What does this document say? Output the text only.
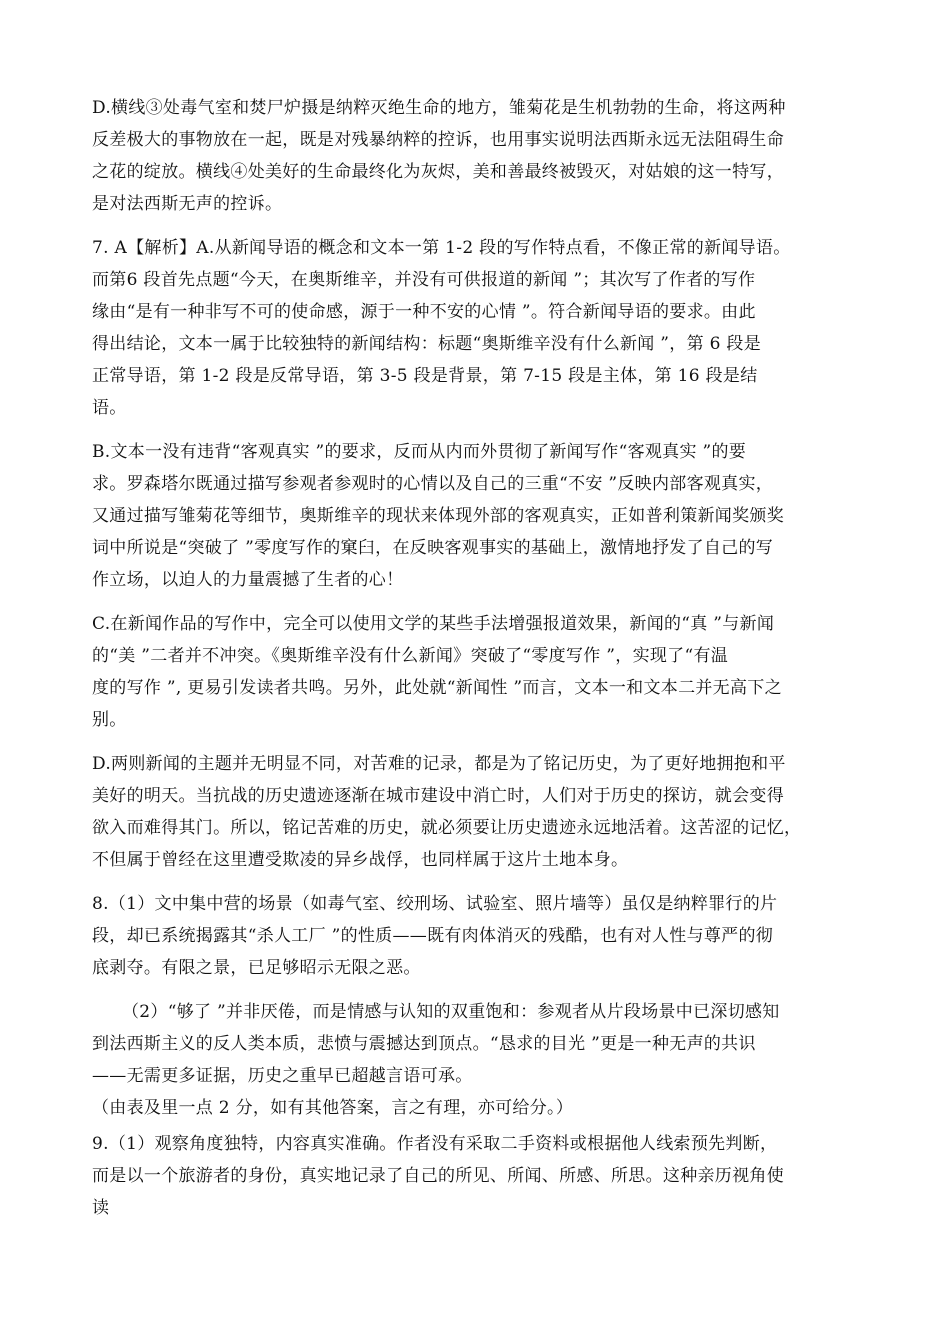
D.横线③处毒气室和焚尸炉摄是纳粹灭绝生命的地方，雏菊花是生机勃勃的生命，将这两种
反差极大的事物放在一起，既是对残暴纳粹的控诉，也用事实说明法西斯永远无法阻碍生命
之花的绽放。横线④处美好的生命最终化为灰烬，美和善最终被毁灭，对姑娘的这一特写，
是对法西斯无声的控诉。

7. A【解析】A.从新闻导语的概念和文本一第 1-2 段的写作特点看，不像正常的新闻导语。
而第6 段首先点题“今天，在奥斯维辛，并没有可供报道的新闻 ”；其次写了作者的写作
缘由“是有一种非写不可的使命感，源于一种不安的心情 ”。符合新闻导语的要求。由此
得出结论，文本一属于比较独特的新闻结构：标题“奥斯维辛没有什么新闻 ”，第 6 段是
正常导语，第 1-2 段是反常导语，第 3-5 段是背景，第 7-15 段是主体，第 16 段是结
语。

B.文本一没有违背“客观真实 ”的要求，反而从内而外贯彻了新闻写作“客观真实 ”的要
求。罗森塔尔既通过描写参观者参观时的心情以及自己的三重“不安 ”反映内部客观真实，
又通过描写雏菊花等细节，奥斯维辛的现状来体现外部的客观真实，正如普利策新闻奖颁奖
词中所说是“突破了 ”零度写作的窠臼，在反映客观事实的基础上，激情地抒发了自己的写
作立场，以迫人的力量震撼了生者的心！

C.在新闻作品的写作中，完全可以使用文学的某些手法增强报道效果，新闻的“真 ”与新闻
的“美 ”二者并不冲突。《奥斯维辛没有什么新闻》突破了“零度写作 ”，实现了“有温
度的写作 ”, 更易引发读者共鸣。另外，此处就“新闻性 ”而言，文本一和文本二并无高下之
别。

D.两则新闻的主题并无明显不同，对苦难的记录，都是为了铭记历史，为了更好地拥抱和平
美好的明天。当抗战的历史遗迹逐渐在城市建设中消亡时，人们对于历史的探访，就会变得
欲入而难得其门。所以，铭记苦难的历史，就必须要让历史遗迹永远地活着。这苦涩的记忆，
不但属于曾经在这里遭受欺凌的异乡战俘，也同样属于这片土地本身。

8.（1）文中集中营的场景（如毒气室、绞刑场、试验室、照片墙等）虽仅是纳粹罪行的片
段，却已系统揭露其“杀人工厂 ”的性质——既有肉体消灭的残酷，也有对人性与尊严的彻
底剥夺。有限之景，已足够昭示无限之恶。

（2）“够了 ”并非厌倦，而是情感与认知的双重饱和：参观者从片段场景中已深切感知
到法西斯主义的反人类本质，悲愤与震撼达到顶点。“恳求的目光 ”更是一种无声的共识
——无需更多证据，历史之重早已超越言语可承。

（由表及里一点 2 分，如有其他答案，言之有理，亦可给分。）

9.（1）观察角度独特，内容真实准确。作者没有采取二手资料或根据他人线索预先判断，
而是以一个旅游者的身份，真实地记录了自己的所见、所闻、所感、所思。这种亲历视角使
读
